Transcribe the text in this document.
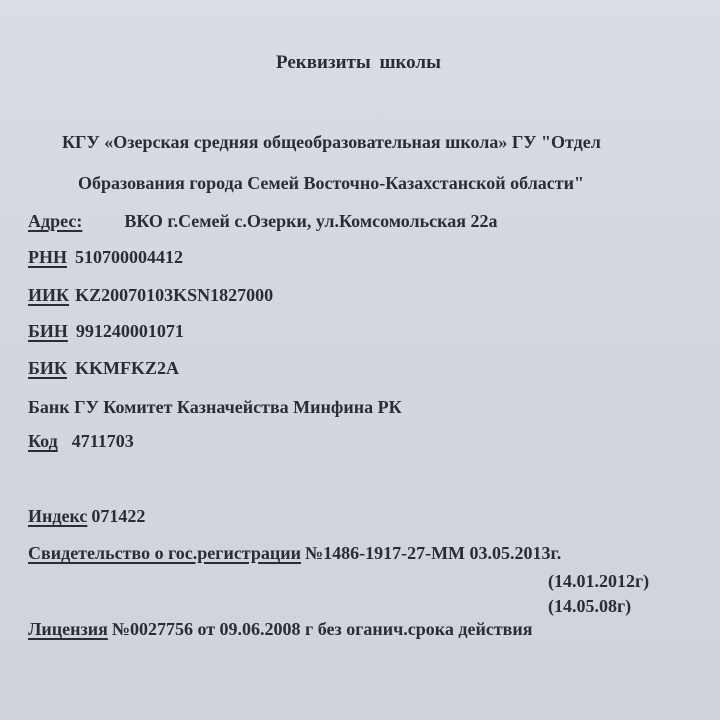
Реквизиты школы
КГУ «Озерская средняя общеобразовательная школа» ГУ "Отдел
Образования города Семей Восточно-Казахстанской области"
Адрес: ВКО г.Семей с.Озерки, ул.Комсомольская 22а
РНН 510700004412
ИИК KZ20070103KSN1827000
БИН 991240001071
БИК KKMFKZ2A
Банк ГУ Комитет Казначейства Минфина РК
Код 4711703
Индекс 071422
Свидетельство о гос.регистрации №1486-1917-27-ММ 03.05.2013г.
(14.01.2012г)
(14.05.08г)
Лицензия №0027756 от 09.06.2008 г без оганич.срока действия
